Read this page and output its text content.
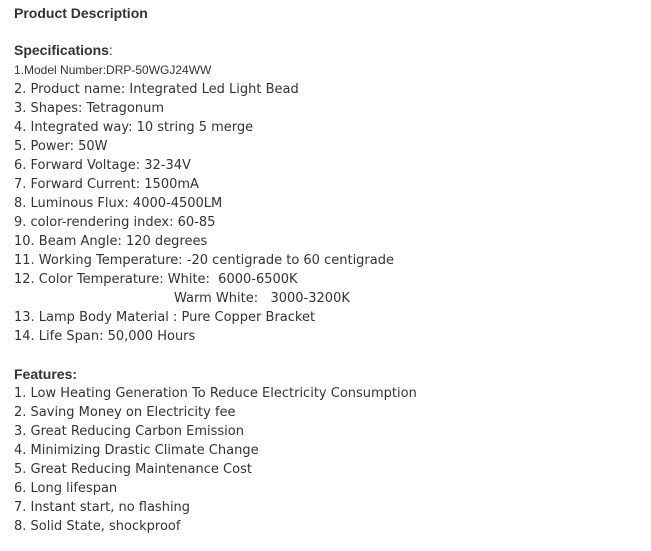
Product Description
Specifications:
1.Model Number:DRP-50WGJ24WW
2. Product name: Integrated Led Light Bead
3. Shapes: Tetragonum
4. Integrated way: 10 string 5 merge
5. Power: 50W
6. Forward Voltage: 32-34V
7. Forward Current: 1500mA
8. Luminous Flux: 4000-4500LM
9. color-rendering index: 60-85
10. Beam Angle: 120 degrees
11. Working Temperature: -20 centigrade to 60 centigrade
12. Color Temperature: White:  6000-6500K
Warm White:   3000-3200K
13. Lamp Body Material : Pure Copper Bracket
14. Life Span: 50,000 Hours
Features:
1. Low Heating Generation To Reduce Electricity Consumption
2. Saving Money on Electricity fee
3. Great Reducing Carbon Emission
4. Minimizing Drastic Climate Change
5. Great Reducing Maintenance Cost
6. Long lifespan
7. Instant start, no flashing
8. Solid State, shockproof
